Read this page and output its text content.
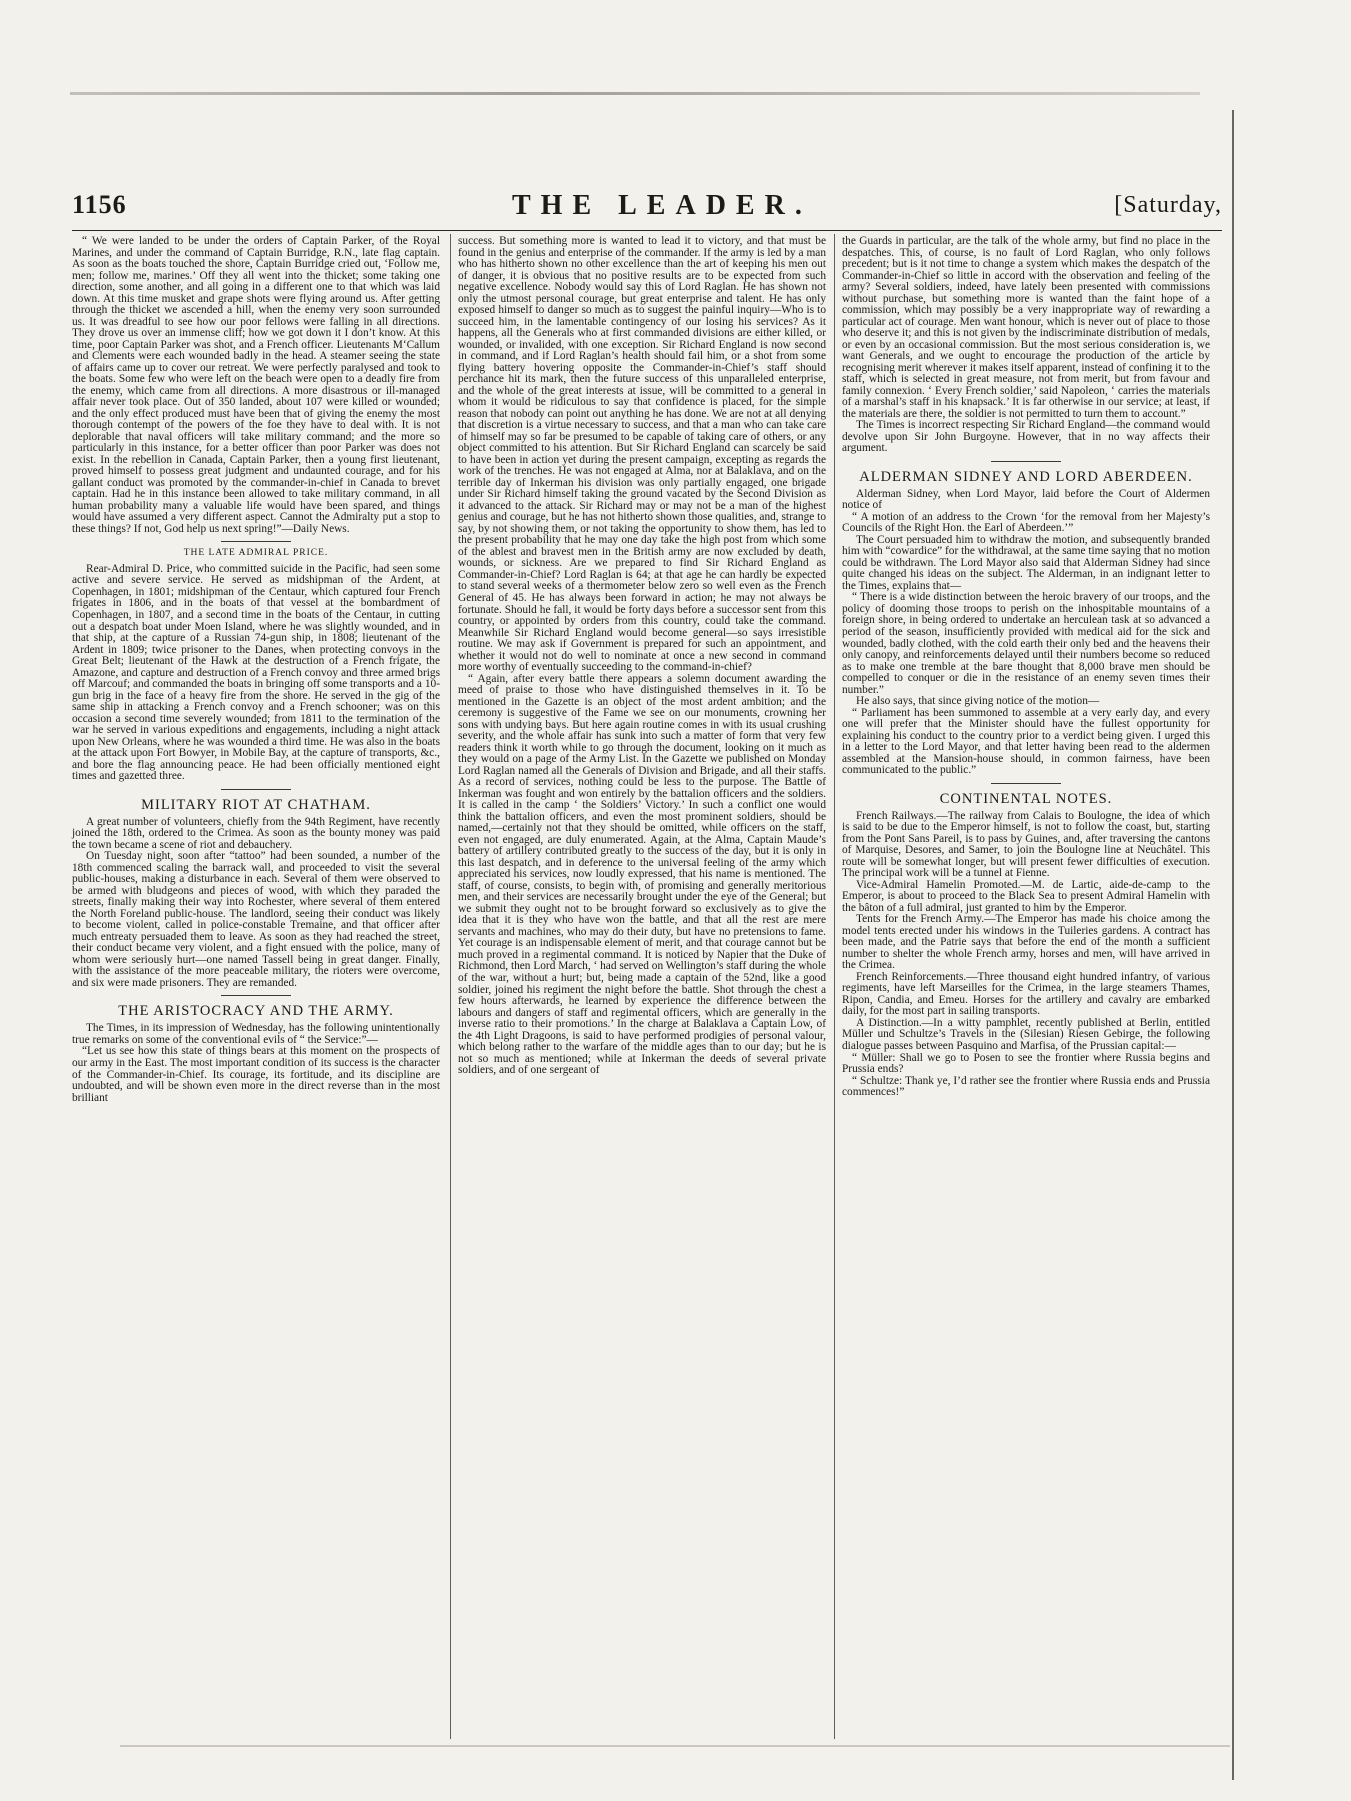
1156	THE LEADER.	[Saturday,

“ We were landed to be under the orders of Captain Parker, of the Royal Marines, and under the command of Captain Burridge, R.N., late flag captain. As soon as the boats touched the shore, Captain Burridge cried out, ‘Follow me, men; follow me, marines.’ Off they all went into the thicket; some taking one direction, some another, and all going in a different one to that which was laid down. At this time musket and grape shots were flying around us. After getting through the thicket we ascended a hill, when the enemy very soon surrounded us. It was dreadful to see how our poor fellows were falling in all directions. They drove us over an immense cliff; how we got down it I don’t know. At this time, poor Captain Parker was shot, and a French officer. Lieutenants M‘Callum and Clements were each wounded badly in the head. A steamer seeing the state of affairs came up to cover our retreat. We were perfectly paralysed and took to the boats. Some few who were left on the beach were open to a deadly fire from the enemy, which came from all directions. A more disastrous or ill-managed affair never took place. Out of 350 landed, about 107 were killed or wounded; and the only effect produced must have been that of giving the enemy the most thorough contempt of the powers of the foe they have to deal with. It is not deplorable that naval officers will take military command; and the more so particularly in this instance, for a better officer than poor Parker was does not exist. In the rebellion in Canada, Captain Parker, then a young first lieutenant, proved himself to possess great judgment and undaunted courage, and for his gallant conduct was promoted by the commander-in-chief in Canada to brevet captain. Had he in this instance been allowed to take military command, in all human probability many a valuable life would have been spared, and things would have assumed a very different aspect. Cannot the Admiralty put a stop to these things? If not, God help us next spring!”—Daily News.

THE LATE ADMIRAL PRICE.

Rear-Admiral D. Price, who committed suicide in the Pacific, had seen some active and severe service. He served as midshipman of the Ardent, at Copenhagen, in 1801; midshipman of the Centaur, which captured four French frigates in 1806, and in the boats of that vessel at the bombardment of Copenhagen, in 1807, and a second time in the boats of the Centaur, in cutting out a despatch boat under Moen Island, where he was slightly wounded, and in that ship, at the capture of a Russian 74-gun ship, in 1808; lieutenant of the Ardent in 1809; twice prisoner to the Danes, when protecting convoys in the Great Belt; lieutenant of the Hawk at the destruction of a French frigate, the Amazone, and capture and destruction of a French convoy and three armed brigs off Marcouf; and commanded the boats in bringing off some transports and a 10-gun brig in the face of a heavy fire from the shore. He served in the gig of the same ship in attacking a French convoy and a French schooner; was on this occasion a second time severely wounded; from 1811 to the termination of the war he served in various expeditions and engagements, including a night attack upon New Orleans, where he was wounded a third time. He was also in the boats at the attack upon Fort Bowyer, in Mobile Bay, at the capture of transports, &c., and bore the flag announcing peace. He had been officially mentioned eight times and gazetted three.

MILITARY RIOT AT CHATHAM.

A great number of volunteers, chiefly from the 94th Regiment, have recently joined the 18th, ordered to the Crimea. As soon as the bounty money was paid the town became a scene of riot and debauchery.

On Tuesday night, soon after “tattoo” had been sounded, a number of the 18th commenced scaling the barrack wall, and proceeded to visit the several public-houses, making a disturbance in each. Several of them were observed to be armed with bludgeons and pieces of wood, with which they paraded the streets, finally making their way into Rochester, where several of them entered the North Foreland public-house. The landlord, seeing their conduct was likely to become violent, called in police-constable Tremaine, and that officer after much entreaty persuaded them to leave. As soon as they had reached the street, their conduct became very violent, and a fight ensued with the police, many of whom were seriously hurt—one named Tassell being in great danger. Finally, with the assistance of the more peaceable military, the rioters were overcome, and six were made prisoners. They are remanded.

THE ARISTOCRACY AND THE ARMY.

The Times, in its impression of Wednesday, has the following unintentionally true remarks on some of the conventional evils of “ the Service:”—

“Let us see how this state of things bears at this moment on the prospects of our army in the East. The most important condition of its success is the character of the Commander-in-Chief. Its courage, its fortitude, and its discipline are undoubted, and will be shown even more in the direct reverse than in the most brilliant

success. But something more is wanted to lead it to victory, and that must be found in the genius and enterprise of the commander. If the army is led by a man who has hitherto shown no other excellence than the art of keeping his men out of danger, it is obvious that no positive results are to be expected from such negative excellence. Nobody would say this of Lord Raglan. He has shown not only the utmost personal courage, but great enterprise and talent. He has only exposed himself to danger so much as to suggest the painful inquiry—Who is to succeed him, in the lamentable contingency of our losing his services? As it happens, all the Generals who at first commanded divisions are either killed, or wounded, or invalided, with one exception. Sir Richard England is now second in command, and if Lord Raglan’s health should fail him, or a shot from some flying battery hovering opposite the Commander-in-Chief’s staff should perchance hit its mark, then the future success of this unparalleled enterprise, and the whole of the great interests at issue, will be committed to a general in whom it would be ridiculous to say that confidence is placed, for the simple reason that nobody can point out anything he has done. We are not at all denying that discretion is a virtue necessary to success, and that a man who can take care of himself may so far be presumed to be capable of taking care of others, or any object committed to his attention. But Sir Richard England can scarcely be said to have been in action yet during the present campaign, excepting as regards the work of the trenches. He was not engaged at Alma, nor at Balaklava, and on the terrible day of Inkerman his division was only partially engaged, one brigade under Sir Richard himself taking the ground vacated by the Second Division as it advanced to the attack. Sir Richard may or may not be a man of the highest genius and courage, but he has not hitherto shown those qualities, and, strange to say, by not showing them, or not taking the opportunity to show them, has led to the present probability that he may one day take the high post from which some of the ablest and bravest men in the British army are now excluded by death, wounds, or sickness. Are we prepared to find Sir Richard England as Commander-in-Chief? Lord Raglan is 64; at that age he can hardly be expected to stand several weeks of a thermometer below zero so well even as the French General of 45. He has always been forward in action; he may not always be fortunate. Should he fall, it would be forty days before a successor sent from this country, or appointed by orders from this country, could take the command. Meanwhile Sir Richard England would become general—so says irresistible routine. We may ask if Government is prepared for such an appointment, and whether it would not do well to nominate at once a new second in command more worthy of eventually succeeding to the command-in-chief?

“ Again, after every battle there appears a solemn document awarding the meed of praise to those who have distinguished themselves in it. To be mentioned in the Gazette is an object of the most ardent ambition; and the ceremony is suggestive of the Fame we see on our monuments, crowning her sons with undying bays. But here again routine comes in with its usual crushing severity, and the whole affair has sunk into such a matter of form that very few readers think it worth while to go through the document, looking on it much as they would on a page of the Army List. In the Gazette we published on Monday Lord Raglan named all the Generals of Division and Brigade, and all their staffs. As a record of services, nothing could be less to the purpose. The Battle of Inkerman was fought and won entirely by the battalion officers and the soldiers. It is called in the camp ‘ the Soldiers’ Victory.’ In such a conflict one would think the battalion officers, and even the most prominent soldiers, should be named,—certainly not that they should be omitted, while officers on the staff, even not engaged, are duly enumerated. Again, at the Alma, Captain Maude’s battery of artillery contributed greatly to the success of the day, but it is only in this last despatch, and in deference to the universal feeling of the army which appreciated his services, now loudly expressed, that his name is mentioned. The staff, of course, consists, to begin with, of promising and generally meritorious men, and their services are necessarily brought under the eye of the General; but we submit they ought not to be brought forward so exclusively as to give the idea that it is they who have won the battle, and that all the rest are mere servants and machines, who may do their duty, but have no pretensions to fame. Yet courage is an indispensable element of merit, and that courage cannot but be much proved in a regimental command. It is noticed by Napier that the Duke of Richmond, then Lord March, ‘ had served on Wellington’s staff during the whole of the war, without a hurt; but, being made a captain of the 52nd, like a good soldier, joined his regiment the night before the battle. Shot through the chest a few hours afterwards, he learned by experience the difference between the labours and dangers of staff and regimental officers, which are generally in the inverse ratio to their promotions.’ In the charge at Balaklava a Captain Low, of the 4th Light Dragoons, is said to have performed prodigies of personal valour, which belong rather to the warfare of the middle ages than to our day; but he is not so much as mentioned; while at Inkerman the deeds of several private soldiers, and of one sergeant of

the Guards in particular, are the talk of the whole army, but find no place in the despatches. This, of course, is no fault of Lord Raglan, who only follows precedent; but is it not time to change a system which makes the despatch of the Commander-in-Chief so little in accord with the observation and feeling of the army? Several soldiers, indeed, have lately been presented with commissions without purchase, but something more is wanted than the faint hope of a commission, which may possibly be a very inappropriate way of rewarding a particular act of courage. Men want honour, which is never out of place to those who deserve it; and this is not given by the indiscriminate distribution of medals, or even by an occasional commission. But the most serious consideration is, we want Generals, and we ought to encourage the production of the article by recognising merit wherever it makes itself apparent, instead of confining it to the staff, which is selected in great measure, not from merit, but from favour and family connexion. ‘ Every French soldier,’ said Napoleon, ‘ carries the materials of a marshal’s staff in his knapsack.’ It is far otherwise in our service; at least, if the materials are there, the soldier is not permitted to turn them to account.”

The Times is incorrect respecting Sir Richard England—the command would devolve upon Sir John Burgoyne. However, that in no way affects their argument.

ALDERMAN SIDNEY AND LORD ABERDEEN.

Alderman Sidney, when Lord Mayor, laid before the Court of Aldermen notice of

“ A motion of an address to the Crown ‘for the removal from her Majesty’s Councils of the Right Hon. the Earl of Aberdeen.’”

The Court persuaded him to withdraw the motion, and subsequently branded him with “cowardice” for the withdrawal, at the same time saying that no motion could be withdrawn. The Lord Mayor also said that Alderman Sidney had since quite changed his ideas on the subject. The Alderman, in an indignant letter to the Times, explains that—

“ There is a wide distinction between the heroic bravery of our troops, and the policy of dooming those troops to perish on the inhospitable mountains of a foreign shore, in being ordered to undertake an herculean task at so advanced a period of the season, insufficiently provided with medical aid for the sick and wounded, badly clothed, with the cold earth their only bed and the heavens their only canopy, and reinforcements delayed until their numbers become so reduced as to make one tremble at the bare thought that 8,000 brave men should be compelled to conquer or die in the resistance of an enemy seven times their number.”

He also says, that since giving notice of the motion—

“ Parliament has been summoned to assemble at a very early day, and every one will prefer that the Minister should have the fullest opportunity for explaining his conduct to the country prior to a verdict being given. I urged this in a letter to the Lord Mayor, and that letter having been read to the aldermen assembled at the Mansion-house should, in common fairness, have been communicated to the public.”

CONTINENTAL NOTES.

French Railways.—The railway from Calais to Boulogne, the idea of which is said to be due to the Emperor himself, is not to follow the coast, but, starting from the Pont Sans Pareil, is to pass by Guines, and, after traversing the cantons of Marquise, Desores, and Samer, to join the Boulogne line at Neuchâtel. This route will be somewhat longer, but will present fewer difficulties of execution. The principal work will be a tunnel at Fienne.

Vice-Admiral Hamelin Promoted.—M. de Lartic, aide-de-camp to the Emperor, is about to proceed to the Black Sea to present Admiral Hamelin with the bâton of a full admiral, just granted to him by the Emperor.

Tents for the French Army.—The Emperor has made his choice among the model tents erected under his windows in the Tuileries gardens. A contract has been made, and the Patrie says that before the end of the month a sufficient number to shelter the whole French army, horses and men, will have arrived in the Crimea.

French Reinforcements.—Three thousand eight hundred infantry, of various regiments, have left Marseilles for the Crimea, in the large steamers Thames, Ripon, Candia, and Emeu. Horses for the artillery and cavalry are embarked daily, for the most part in sailing transports.

A Distinction.—In a witty pamphlet, recently published at Berlin, entitled Müller und Schultze’s Travels in the (Silesian) Riesen Gebirge, the following dialogue passes between Pasquino and Marfisa, of the Prussian capital:—

“ Müller: Shall we go to Posen to see the frontier where Russia begins and Prussia ends?

“ Schultze: Thank ye, I’d rather see the frontier where Russia ends and Prussia commences!”
